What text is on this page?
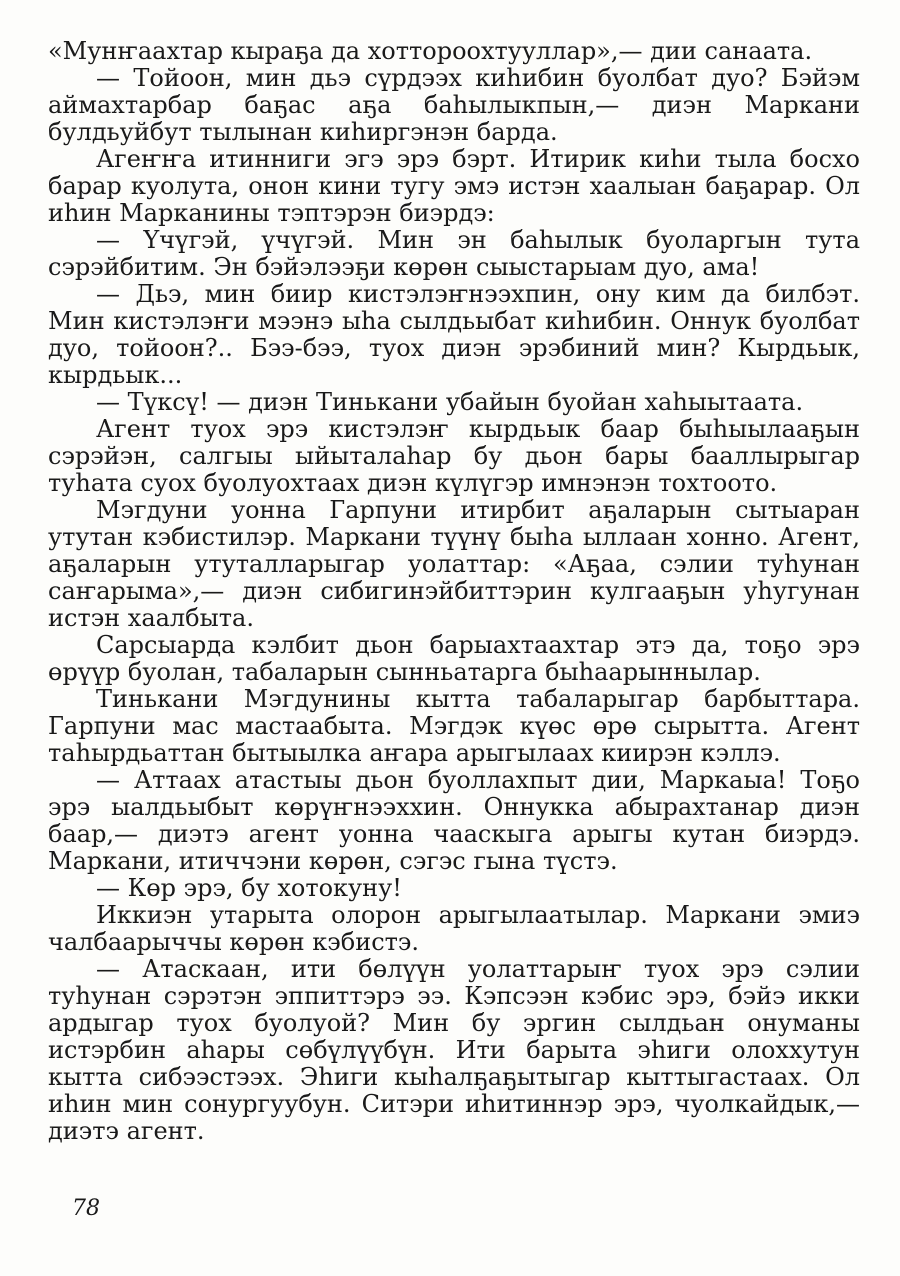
«Мунҥаахтар кыраҕа да хоттороохтууллар»,— дии санаата.

— Тойоон, мин дьэ сүрдээх киһибин буолбат дуо? Бэйэм аймахтарбар баҕас аҕа баһылыкпын,— диэн Маркани булдьуйбут тылынан киһиргэнэн барда.

Агеҥҥа итинниги эгэ эрэ бэрт. Итирик киһи тыла босхо барар куолута, онон кини тугу эмэ истэн хаалыан баҕарар. Ол иһин Марканины тэптэрэн биэрдэ:

— Үчүгэй, үчүгэй. Мин эн баһылык буоларгын тута сэрэйбитим. Эн бэйэлээҕи көрөн сыыстарыам дуо, ама!

— Дьэ, мин биир кистэлэҥнээхпин, ону ким да билбэт. Мин кистэлэҥи мээнэ ыһа сылдьыбат киһибин. Оннук буолбат дуо, тойоон?.. Бээ-бээ, туох диэн эрэбиний мин? Кырдьык, кырдьык...

— Түксү! — диэн Тинькани убайын буойан хаһыытаата.

Агент туох эрэ кистэлэҥ кырдьык баар быһыылааҕын сэрэйэн, салгыы ыйыталаһар бу дьон бары бааллырыгар туһата суох буолуохтаах диэн күлүгэр имнэнэн тохтоото.

Мэгдуни уонна Гарпуни итирбит аҕаларын сытыаран утутан кэбистилэр. Маркани түүнү быһа ыллаан хонно. Агент, аҕаларын утуталларыгар уолаттар: «Аҕаа, сэлии туһунан саҥарыма»,— диэн сибигинэйбиттэрин кулгааҕын уһугунан истэн хаалбыта.

Сарсыарда кэлбит дьон барыахтаахтар этэ да, тоҕо эрэ өрүүр буолан, табаларын сынньатарга быһаарыннылар.

Тинькани Мэгдунины кытта табаларыгар барбыттара. Гарпуни мас мастаабыта. Мэгдэк күөс өрө сырытта. Агент таһырдьаттан бытыылка аҥара арыгылаах киирэн кэллэ.

— Аттаах атастыы дьон буоллахпыт дии, Маркаыа! Тоҕо эрэ ыалдьыбыт көрүҥнээххин. Оннукка абырахтанар диэн баар,— диэтэ агент уонна чааскыга арыгы кутан биэрдэ. Маркани, итиччэни көрөн, сэгэс гына түстэ.

— Көр эрэ, бу хотокуну!

Иккиэн утарыта олорон арыгылаатылар. Маркани эмиэ чалбаарыччы көрөн кэбистэ.

— Атаскаан, ити бөлүүн уолаттарыҥ туох эрэ сэлии туһунан сэрэтэн эппиттэрэ ээ. Кэпсээн кэбис эрэ, бэйэ икки ардыгар туох буолуой? Мин бу эргин сылдьан онуманы истэрбин аһары сөбүлүүбүн. Ити барыта эһиги олоххутун кытта сибээстээх. Эһиги кыһалҕаҕытыгар кыттыгастаах. Ол иһин мин сонургуубун. Ситэри иһитиннэр эрэ, чуолкайдык,— диэтэ агент.

78
